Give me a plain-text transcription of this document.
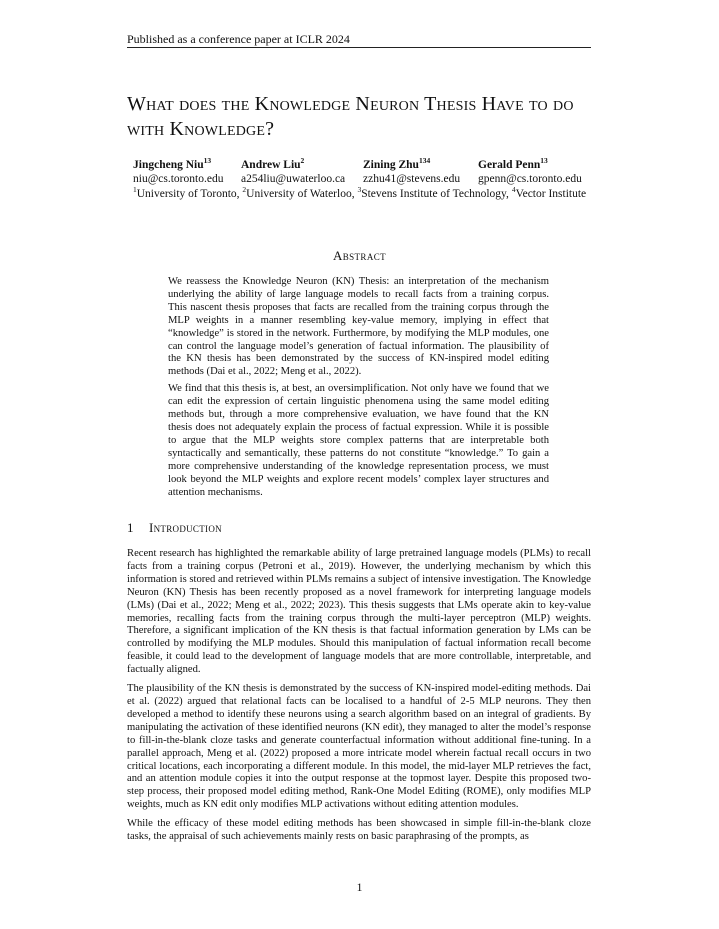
Published as a conference paper at ICLR 2024
What does the Knowledge Neuron Thesis Have to do with Knowledge?
Jingcheng Niu$^{13}$
niu@cs.toronto.edu
Andrew Liu$^2$
a254liu@uwaterloo.ca
Zining Zhu$^{134}$
zzhu41@stevens.edu
Gerald Penn$^{13}$
gpenn@cs.toronto.edu
$^1$University of Toronto, $^2$University of Waterloo, $^3$Stevens Institute of Technology, $^4$Vector Institute
Abstract

We reassess the Knowledge Neuron (KN) Thesis: an interpretation of the mechanism underlying the ability of large language models to recall facts from a training corpus. This nascent thesis proposes that facts are recalled from the training corpus through the MLP weights in a manner resembling key-value memory, implying in effect that “knowledge” is stored in the network. Furthermore, by modifying the MLP modules, one can control the language model’s generation of factual information. The plausibility of the KN thesis has been demonstrated by the success of KN-inspired model editing methods (Dai et al., 2022; Meng et al., 2022).

We find that this thesis is, at best, an oversimplification. Not only have we found that we can edit the expression of certain linguistic phenomena using the same model editing methods but, through a more comprehensive evaluation, we have found that the KN thesis does not adequately explain the process of factual expression. While it is possible to argue that the MLP weights store complex patterns that are interpretable both syntactically and semantically, these patterns do not constitute “knowledge.” To gain a more comprehensive understanding of the knowledge representation process, we must look beyond the MLP weights and explore recent models’ complex layer structures and attention mechanisms.

1 Introduction

Recent research has highlighted the remarkable ability of large pretrained language models (PLMs) to recall facts from a training corpus (Petroni et al., 2019). However, the underlying mechanism by which this information is stored and retrieved within PLMs remains a subject of intensive investigation. The Knowledge Neuron (KN) Thesis has been recently proposed as a novel framework for interpreting language models (LMs) (Dai et al., 2022; Meng et al., 2022; 2023). This thesis suggests that LMs operate akin to key-value memories, recalling facts from the training corpus through the multi-layer perceptron (MLP) weights. Therefore, a significant implication of the KN thesis is that factual information generation by LMs can be controlled by modifying the MLP modules. Should this manipulation of factual information recall become feasible, it could lead to the development of language models that are more controllable, interpretable, and factually aligned.

The plausibility of the KN thesis is demonstrated by the success of KN-inspired model-editing methods. Dai et al. (2022) argued that relational facts can be localised to a handful of 2-5 MLP neurons. They then developed a method to identify these neurons using a search algorithm based on an integral of gradients. By manipulating the activation of these identified neurons (KN edit), they managed to alter the model’s response to fill-in-the-blank cloze tasks and generate counterfactual information without additional fine-tuning. In a parallel approach, Meng et al. (2022) proposed a more intricate model wherein factual recall occurs in two critical locations, each incorporating a different module. In this model, the mid-layer MLP retrieves the fact, and an attention module copies it into the output response at the topmost layer. Despite this proposed two-step process, their proposed model editing method, Rank-One Model Editing (ROME), only modifies MLP weights, much as KN edit only modifies MLP activations without editing attention modules.

While the efficacy of these model editing methods has been showcased in simple fill-in-the-blank cloze tasks, the appraisal of such achievements mainly rests on basic paraphrasing of the prompts, as

1
